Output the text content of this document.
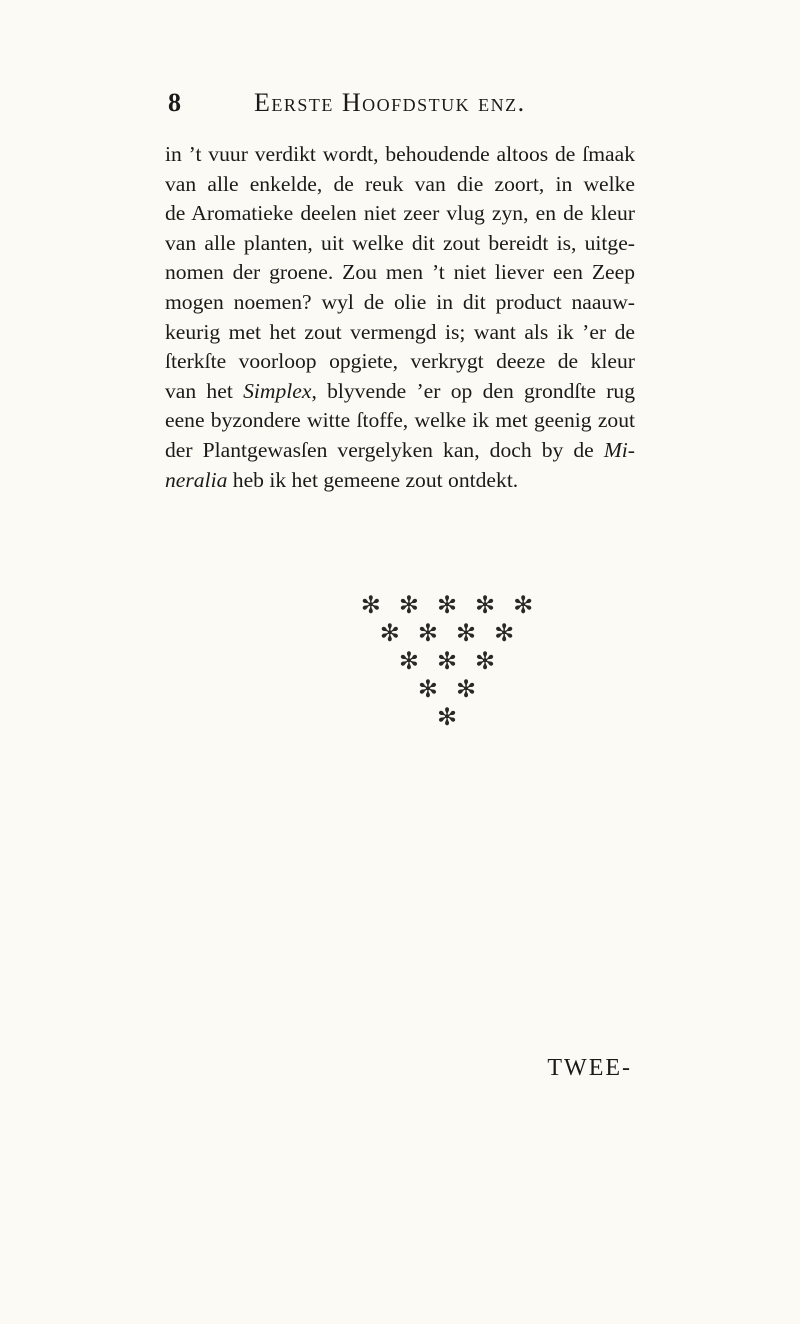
8	Eerste Hoofdstuk enz.
in ’t vuur verdikt wordt, behoudende altoos de ſmaak
van alle enkelde, de reuk van die zoort, in welke
de Aromatieke deelen niet zeer vlug zyn, en de kleur
van alle planten, uit welke dit zout bereidt is, uitge-
nomen der groene. Zou men ’t niet liever een Zeep
mogen noemen? wyl de olie in dit product naauw-
keurig met het zout vermengd is; want als ik ’er de
ſterkſte voorloop opgiete, verkrygt deeze de kleur
van het Simplex, blyvende ’er op den grondſte rug
eene byzondere witte ſtoffe, welke ik met geenig zout
der Plantgewasſen vergelyken kan, doch by de Mi-
neralia heb ik het gemeene zout ontdekt.
✻ ✻ ✻ ✻ ✻
✻ ✻ ✻ ✻
✻ ✻ ✻
✻ ✻
✻
TWEE-
